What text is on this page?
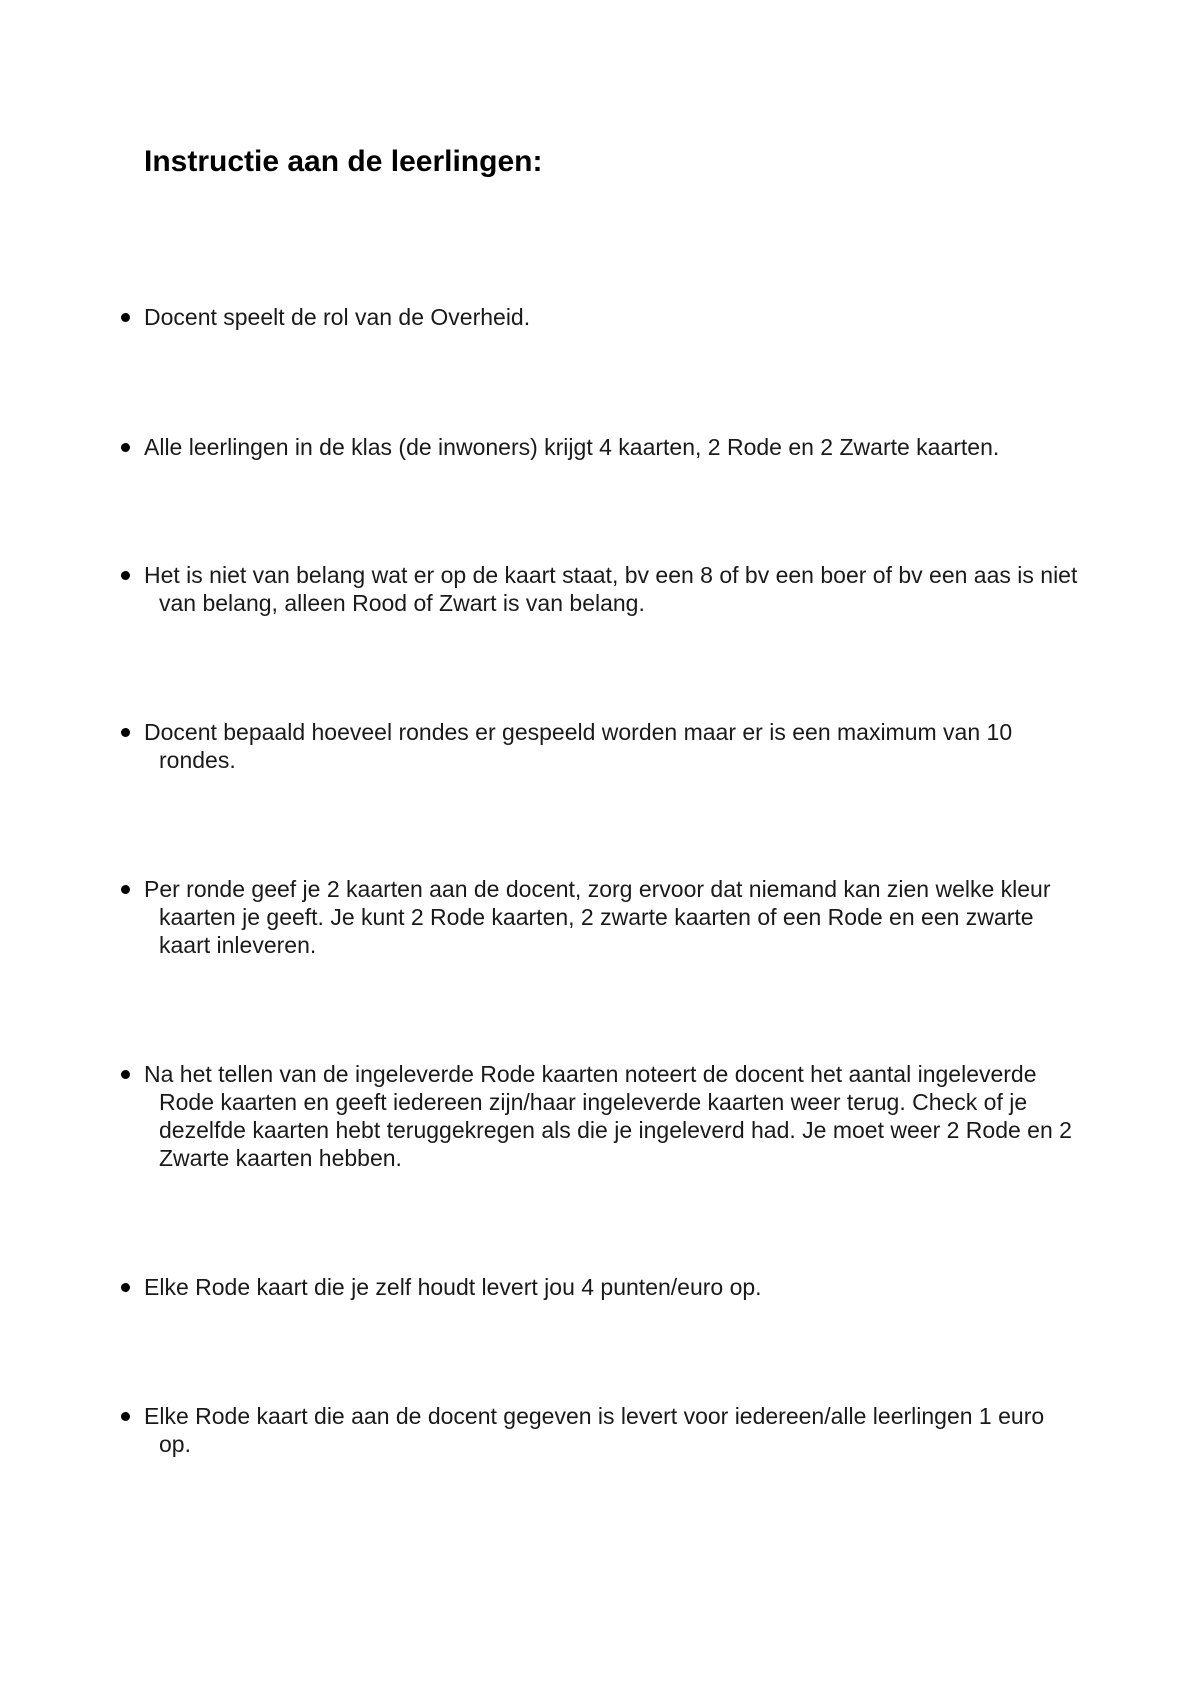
Instructie aan de leerlingen:
Docent speelt de rol van de Overheid.
Alle leerlingen in de klas (de inwoners) krijgt 4 kaarten, 2 Rode en 2 Zwarte kaarten.
Het is niet van belang wat er op de kaart staat, bv een 8 of bv een boer of bv een aas is niet van belang, alleen Rood of Zwart is van belang.
Docent bepaald hoeveel rondes er gespeeld worden maar er is een maximum van 10 rondes.
Per ronde geef je 2 kaarten aan de docent, zorg ervoor dat niemand kan zien welke kleur kaarten je geeft. Je kunt 2 Rode kaarten, 2 zwarte kaarten of een Rode en een zwarte kaart inleveren.
Na het tellen van de ingeleverde Rode kaarten noteert de docent het aantal ingeleverde Rode kaarten en geeft iedereen zijn/haar ingeleverde kaarten weer terug. Check of je dezelfde kaarten hebt teruggekregen als die je ingeleverd had. Je moet weer 2 Rode en 2 Zwarte kaarten hebben.
Elke Rode kaart die je zelf houdt levert jou 4 punten/euro op.
Elke Rode kaart die aan de docent gegeven is levert voor iedereen/alle leerlingen 1 euro op.
